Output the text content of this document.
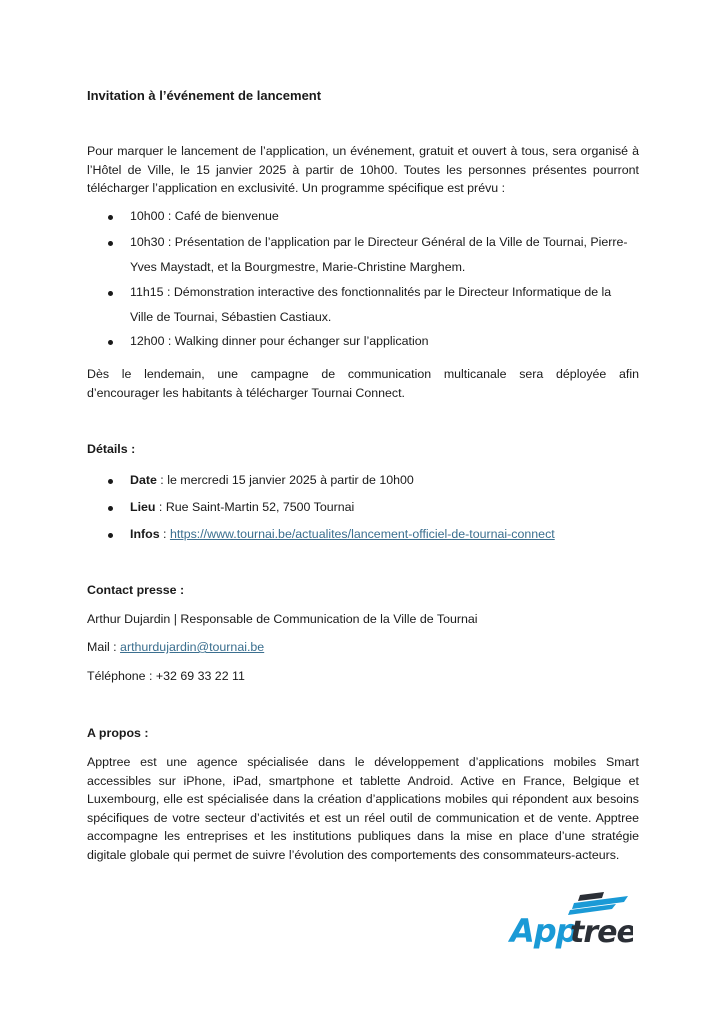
Invitation à l’événement de lancement
Pour marquer le lancement de l’application, un événement, gratuit et ouvert à tous, sera organisé à l’Hôtel de Ville, le 15 janvier 2025 à partir de 10h00. Toutes les personnes présentes pourront télécharger l’application en exclusivité. Un programme spécifique est prévu :
10h00 : Café de bienvenue
10h30 : Présentation de l’application par le Directeur Général de la Ville de Tournai, Pierre-
Yves Maystadt, et la Bourgmestre, Marie-Christine Marghem.
11h15 : Démonstration interactive des fonctionnalités par le Directeur Informatique de la
Ville de Tournai, Sébastien Castiaux.
12h00 : Walking dinner pour échanger sur l’application
Dès le lendemain, une campagne de communication multicanale sera déployée afin
d’encourager les habitants à télécharger Tournai Connect.
Détails :
Date : le mercredi 15 janvier 2025 à partir de 10h00
Lieu : Rue Saint-Martin 52, 7500 Tournai
Infos : https://www.tournai.be/actualites/lancement-officiel-de-tournai-connect
Contact presse :
Arthur Dujardin | Responsable de Communication de la Ville de Tournai
Mail : arthurdujardin@tournai.be
Téléphone : +32 69 33 22 11
A propos :
Apptree est une agence spécialisée dans le développement d’applications mobiles Smart accessibles sur iPhone, iPad, smartphone et tablette Android. Active en France, Belgique et Luxembourg, elle est spécialisée dans la création d’applications mobiles qui répondent aux besoins spécifiques de votre secteur d’activités et est un réel outil de communication et de vente. Apptree accompagne les entreprises et les institutions publiques dans la mise en place d’une stratégie digitale globale qui permet de suivre l’évolution des comportements des consommateurs-acteurs.
App
tree
